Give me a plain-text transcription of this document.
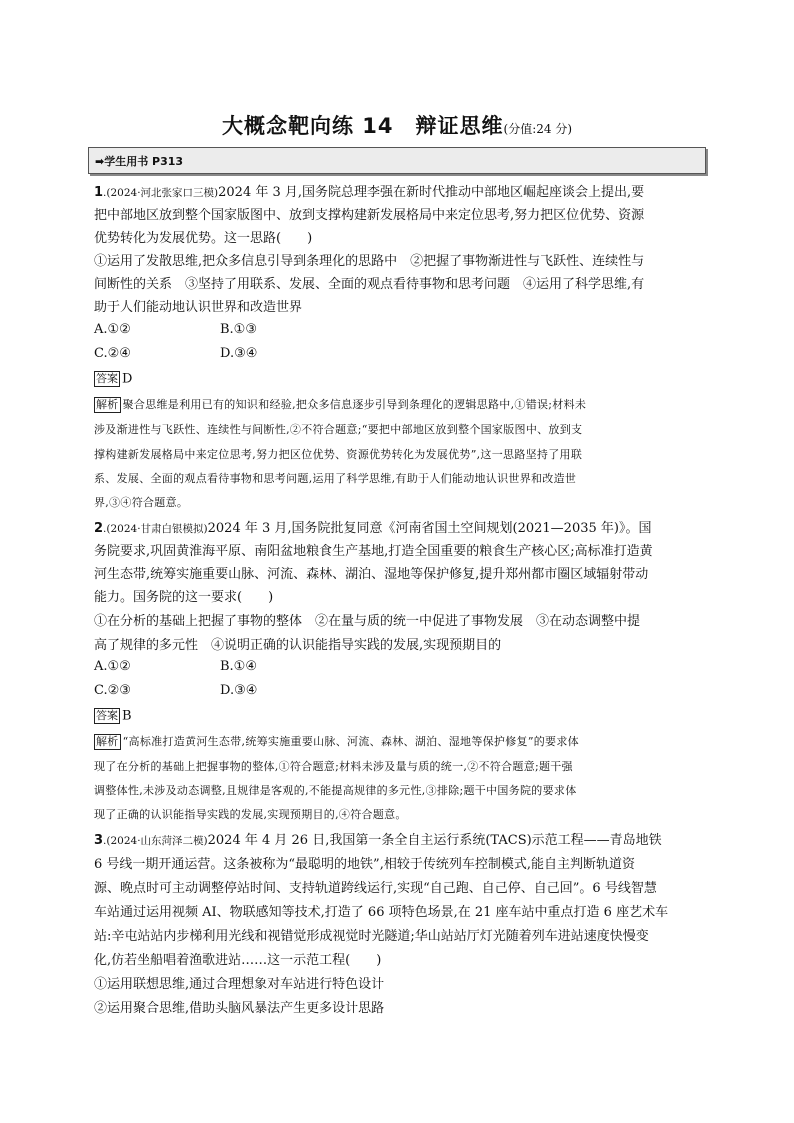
大概念靶向练 14　辩证思维(分值:24 分)
➡学生用书 P313
1.(2024·河北张家口三模)2024 年 3 月,国务院总理李强在新时代推动中部地区崛起座谈会上提出,要
把中部地区放到整个国家版图中、放到支撑构建新发展格局中来定位思考,努力把区位优势、资源
优势转化为发展优势。这一思路(　　)
①运用了发散思维,把众多信息引导到条理化的思路中　②把握了事物渐进性与飞跃性、连续性与
间断性的关系　③坚持了用联系、发展、全面的观点看待事物和思考问题　④运用了科学思维,有
助于人们能动地认识世界和改造世界
A.①②	B.①③
C.②④	D.③④
答案 D
解析 聚合思维是利用已有的知识和经验,把众多信息逐步引导到条理化的逻辑思路中,①错误;材料未
涉及渐进性与飞跃性、连续性与间断性,②不符合题意;“要把中部地区放到整个国家版图中、放到支
撑构建新发展格局中来定位思考,努力把区位优势、资源优势转化为发展优势”,这一思路坚持了用联
系、发展、全面的观点看待事物和思考问题,运用了科学思维,有助于人们能动地认识世界和改造世
界,③④符合题意。
2.(2024·甘肃白银模拟)2024 年 3 月,国务院批复同意《河南省国土空间规划(2021—2035 年)》。国
务院要求,巩固黄淮海平原、南阳盆地粮食生产基地,打造全国重要的粮食生产核心区;高标准打造黄
河生态带,统筹实施重要山脉、河流、森林、湖泊、湿地等保护修复,提升郑州都市圈区域辐射带动
能力。国务院的这一要求(　　)
①在分析的基础上把握了事物的整体　②在量与质的统一中促进了事物发展　③在动态调整中提
高了规律的多元性　④说明正确的认识能指导实践的发展,实现预期目的
A.①②	B.①④
C.②③	D.③④
答案 B
解析 “高标准打造黄河生态带,统筹实施重要山脉、河流、森林、湖泊、湿地等保护修复”的要求体
现了在分析的基础上把握事物的整体,①符合题意;材料未涉及量与质的统一,②不符合题意;题干强
调整体性,未涉及动态调整,且规律是客观的,不能提高规律的多元性,③排除;题干中国务院的要求体
现了正确的认识能指导实践的发展,实现预期目的,④符合题意。
3.(2024·山东菏泽二模)2024 年 4 月 26 日,我国第一条全自主运行系统(TACS)示范工程——青岛地铁
6 号线一期开通运营。这条被称为“最聪明的地铁”,相较于传统列车控制模式,能自主判断轨道资
源、晚点时可主动调整停站时间、支持轨道跨线运行,实现“自己跑、自己停、自己回”。6 号线智慧
车站通过运用视频 AI、物联感知等技术,打造了 66 项特色场景,在 21 座车站中重点打造 6 座艺术车
站:辛屯站站内步梯利用光线和视错觉形成视觉时光隧道;华山站站厅灯光随着列车进站速度快慢变
化,仿若坐船唱着渔歌进站……这一示范工程(　　)
①运用联想思维,通过合理想象对车站进行特色设计
②运用聚合思维,借助头脑风暴法产生更多设计思路
